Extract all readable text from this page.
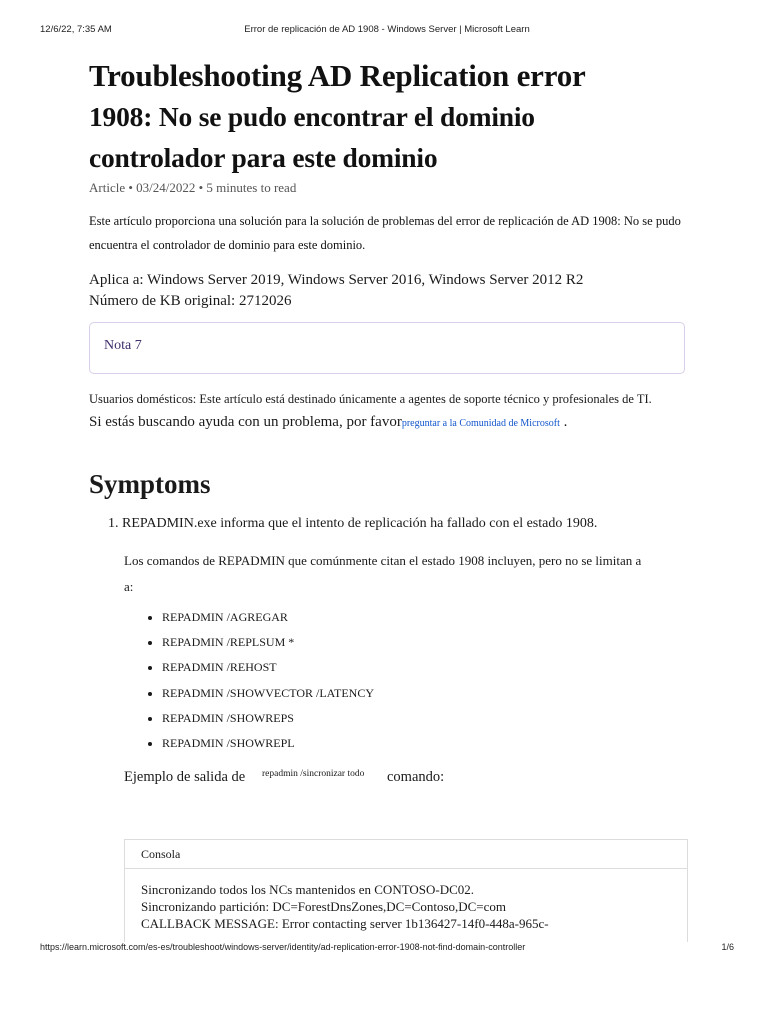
12/6/22, 7:35 AM	Error de replicación de AD 1908 - Windows Server | Microsoft Learn
Troubleshooting AD Replication error
1908: No se pudo encontrar el dominio
controlador para este dominio
Article • 03/24/2022 • 5 minutes to read
Este artículo proporciona una solución para la solución de problemas del error de replicación de AD 1908: No se pudo
encuentra el controlador de dominio para este dominio.
Aplica a: Windows Server 2019, Windows Server 2016, Windows Server 2012 R2
Número de KB original: 2712026
Nota 7
Usuarios domésticos: Este artículo está destinado únicamente a agentes de soporte técnico y profesionales de TI.
Si estás buscando ayuda con un problema, por favorpreguntar a la Comunidad de Microsoft .
Symptoms
1. REPADMIN.exe informa que el intento de replicación ha fallado con el estado 1908.
Los comandos de REPADMIN que comúnmente citan el estado 1908 incluyen, pero no se limitan a
a:
• REPADMIN /AGREGAR
• REPADMIN /REPLSUM *
• REPADMIN /REHOST
• REPADMIN /SHOWVECTOR /LATENCY
• REPADMIN /SHOWREPS
• REPADMIN /SHOWREPL
Ejemplo de salida de repadmin /sincronizar todo comando:
Consola
Sincronizando todos los NCs mantenidos en CONTOSO-DC02.
Sincronizando partición: DC=ForestDnsZones,DC=Contoso,DC=com
CALLBACK MESSAGE: Error contacting server 1b136427-14f0-448a-965c-
https://learn.microsoft.com/es-es/troubleshoot/windows-server/identity/ad-replication-error-1908-not-find-domain-controller	1/6
